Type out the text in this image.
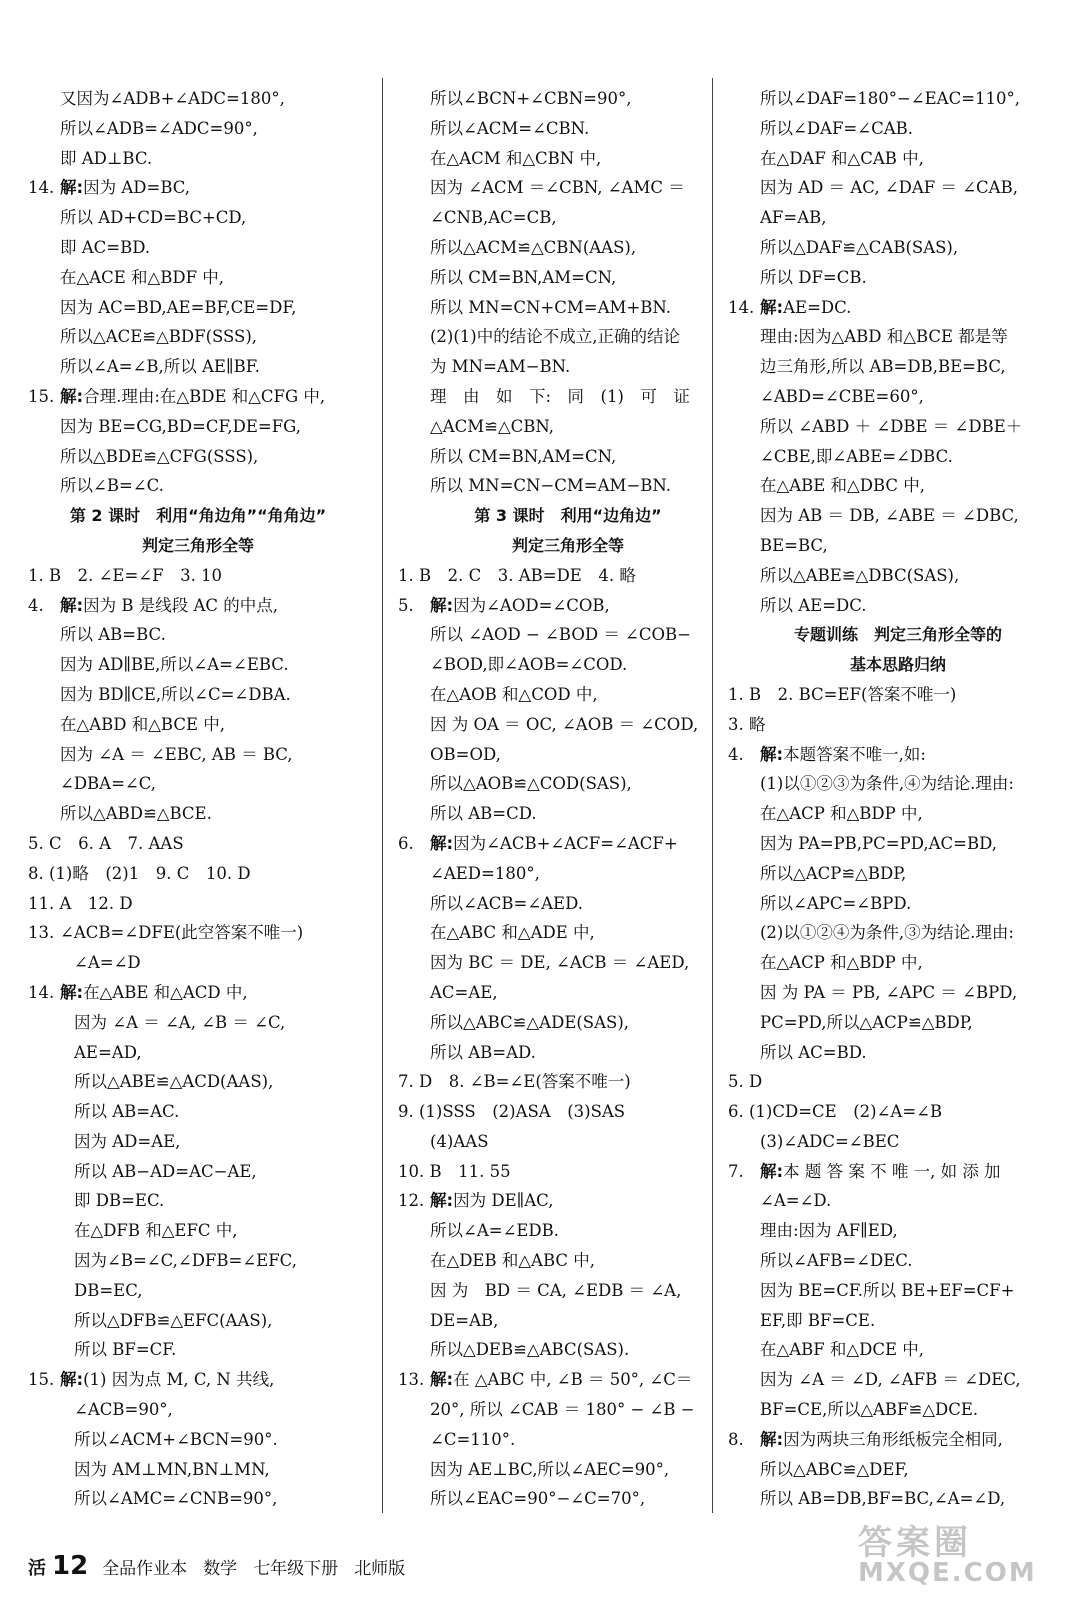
又因为∠ADB+∠ADC=180°,
所以∠ADB=∠ADC=90°,
即 AD⊥BC.
14. 解:因为 AD=BC,
所以 AD+CD=BC+CD,
即 AC=BD.
在△ACE 和△BDF 中,
因为 AC=BD,AE=BF,CE=DF,
所以△ACE≌△BDF(SSS),
所以∠A=∠B,所以 AE∥BF.
15. 解:合理.理由:在△BDE 和△CFG 中,
因为 BE=CG,BD=CF,DE=FG,
所以△BDE≌△CFG(SSS),
所以∠B=∠C.
第 2 课时　利用“角边角”“角角边”
判定三角形全等
1. B　2. ∠E=∠F　3. 10
4. 解:因为 B 是线段 AC 的中点,
所以 AB=BC.
因为 AD∥BE,所以∠A=∠EBC.
因为 BD∥CE,所以∠C=∠DBA.
在△ABD 和△BCE 中,
因为 ∠A ＝ ∠EBC, AB ＝ BC,
∠DBA=∠C,
所以△ABD≌△BCE.
5. C　6. A　7. AAS
8. (1)略　(2)1　9. C　10. D
11. A　12. D
13. ∠ACB=∠DFE(此空答案不唯一)
∠A=∠D
14. 解:在△ABE 和△ACD 中,
因为 ∠A ＝ ∠A, ∠B ＝ ∠C,
AE=AD,
所以△ABE≌△ACD(AAS),
所以 AB=AC.
因为 AD=AE,
所以 AB−AD=AC−AE,
即 DB=EC.
在△DFB 和△EFC 中,
因为∠B=∠C,∠DFB=∠EFC,
DB=EC,
所以△DFB≌△EFC(AAS),
所以 BF=CF.
15. 解:(1) 因为点 M, C, N 共线,
∠ACB=90°,
所以∠ACM+∠BCN=90°.
因为 AM⊥MN,BN⊥MN,
所以∠AMC=∠CNB=90°,
所以∠BCN+∠CBN=90°,
所以∠ACM=∠CBN.
在△ACM 和△CBN 中,
因为 ∠ACM ＝∠CBN, ∠AMC ＝
∠CNB,AC=CB,
所以△ACM≌△CBN(AAS),
所以 CM=BN,AM=CN,
所以 MN=CN+CM=AM+BN.
(2)(1)中的结论不成立,正确的结论
为 MN=AM−BN.
理　由　如　下:　同　(1)　可　证
△ACM≌△CBN,
所以 CM=BN,AM=CN,
所以 MN=CN−CM=AM−BN.
第 3 课时　利用“边角边”
判定三角形全等
1. B　2. C　3. AB=DE　4. 略
5. 解:因为∠AOD=∠COB,
所以 ∠AOD − ∠BOD ＝ ∠COB−
∠BOD,即∠AOB=∠COD.
在△AOB 和△COD 中,
因 为 OA ＝ OC, ∠AOB ＝ ∠COD,
OB=OD,
所以△AOB≌△COD(SAS),
所以 AB=CD.
6. 解:因为∠ACB+∠ACF=∠ACF+
∠AED=180°,
所以∠ACB=∠AED.
在△ABC 和△ADE 中,
因为 BC ＝ DE, ∠ACB ＝ ∠AED,
AC=AE,
所以△ABC≌△ADE(SAS),
所以 AB=AD.
7. D　8. ∠B=∠E(答案不唯一)
9. (1)SSS　(2)ASA　(3)SAS
(4)AAS
10. B　11. 55
12. 解:因为 DE∥AC,
所以∠A=∠EDB.
在△DEB 和△ABC 中,
因 为　BD ＝ CA, ∠EDB ＝ ∠A,
DE=AB,
所以△DEB≌△ABC(SAS).
13. 解:在 △ABC 中, ∠B ＝ 50°, ∠C＝
20°, 所以 ∠CAB ＝ 180° − ∠B −
∠C=110°.
因为 AE⊥BC,所以∠AEC=90°,
所以∠EAC=90°−∠C=70°,
所以∠DAF=180°−∠EAC=110°,
所以∠DAF=∠CAB.
在△DAF 和△CAB 中,
因为 AD ＝ AC, ∠DAF ＝ ∠CAB,
AF=AB,
所以△DAF≌△CAB(SAS),
所以 DF=CB.
14. 解:AE=DC.
理由:因为△ABD 和△BCE 都是等
边三角形,所以 AB=DB,BE=BC,
∠ABD=∠CBE=60°,
所以 ∠ABD ＋ ∠DBE ＝ ∠DBE＋
∠CBE,即∠ABE=∠DBC.
在△ABE 和△DBC 中,
因为 AB ＝ DB, ∠ABE ＝ ∠DBC,
BE=BC,
所以△ABE≌△DBC(SAS),
所以 AE=DC.
专题训练　判定三角形全等的
基本思路归纳
1. B　2. BC=EF(答案不唯一)
3. 略
4. 解:本题答案不唯一,如:
(1)以①②③为条件,④为结论.理由:
在△ACP 和△BDP 中,
因为 PA=PB,PC=PD,AC=BD,
所以△ACP≌△BDP,
所以∠APC=∠BPD.
(2)以①②④为条件,③为结论.理由:
在△ACP 和△BDP 中,
因 为 PA ＝ PB, ∠APC ＝ ∠BPD,
PC=PD,所以△ACP≌△BDP,
所以 AC=BD.
5. D
6. (1)CD=CE　(2)∠A=∠B
(3)∠ADC=∠BEC
7. 解:本 题 答 案 不 唯 一, 如 添 加
∠A=∠D.
理由:因为 AF∥ED,
所以∠AFB=∠DEC.
因为 BE=CF.所以 BE+EF=CF+
EF,即 BF=CE.
在△ABF 和△DCE 中,
因为 ∠A ＝ ∠D, ∠AFB ＝ ∠DEC,
BF=CE,所以△ABF≌△DCE.
8. 解:因为两块三角形纸板完全相同,
所以△ABC≌△DEF,
所以 AB=DB,BF=BC,∠A=∠D,
活 12 全品作业本 数学 七年级下册 北师版
答案圈
MXQE.COM
